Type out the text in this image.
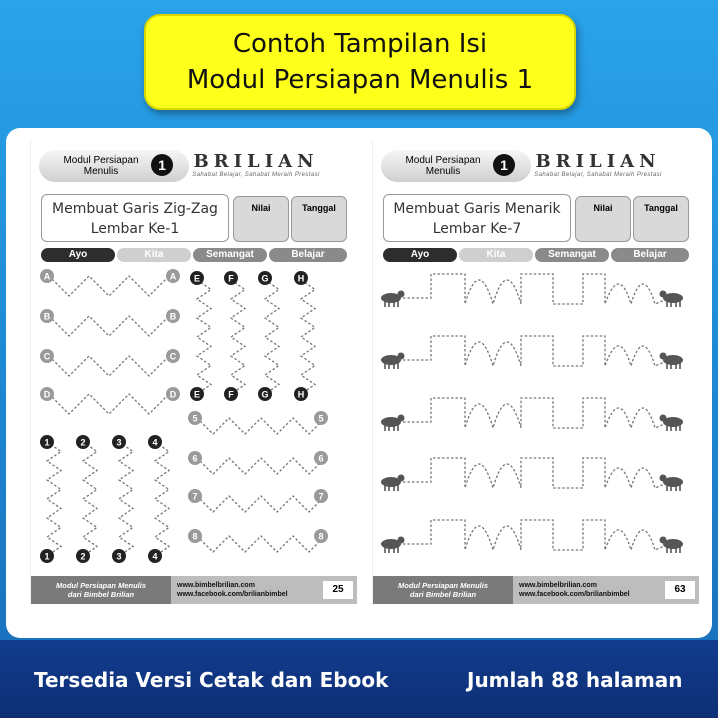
Contoh Tampilan Isi
Modul Persiapan Menulis 1
Modul Persiapan Menulis	1	BRILIAN
Sahabat Belajar, Sahabat Meraih Prestasi
Membuat Garis Zig-Zag
Lembar Ke-1
Nilai	Tanggal
Ayo	Kita	Semangat	Belajar
A	A
B	B
C	C
D	D
E
E
F
F
G
G
H
H
1
1
2
2
3
3
4
4
5	5
6	6
7	7
8	8
Modul Persiapan Menulis
dari Bimbel Brilian
www.bimbelbrilian.com
www.facebook.com/brilianbimbel	25
Modul Persiapan Menulis	1	BRILIAN
Sahabat Belajar, Sahabat Meraih Prestasi
Membuat Garis Menarik
Lembar Ke-7
Nilai	Tanggal
Ayo	Kita	Semangat	Belajar
Modul Persiapan Menulis
dari Bimbel Brilian
www.bimbelbrilian.com
www.facebook.com/brilianbimbel	63
Tersedia Versi Cetak dan Ebook	Jumlah 88 halaman
